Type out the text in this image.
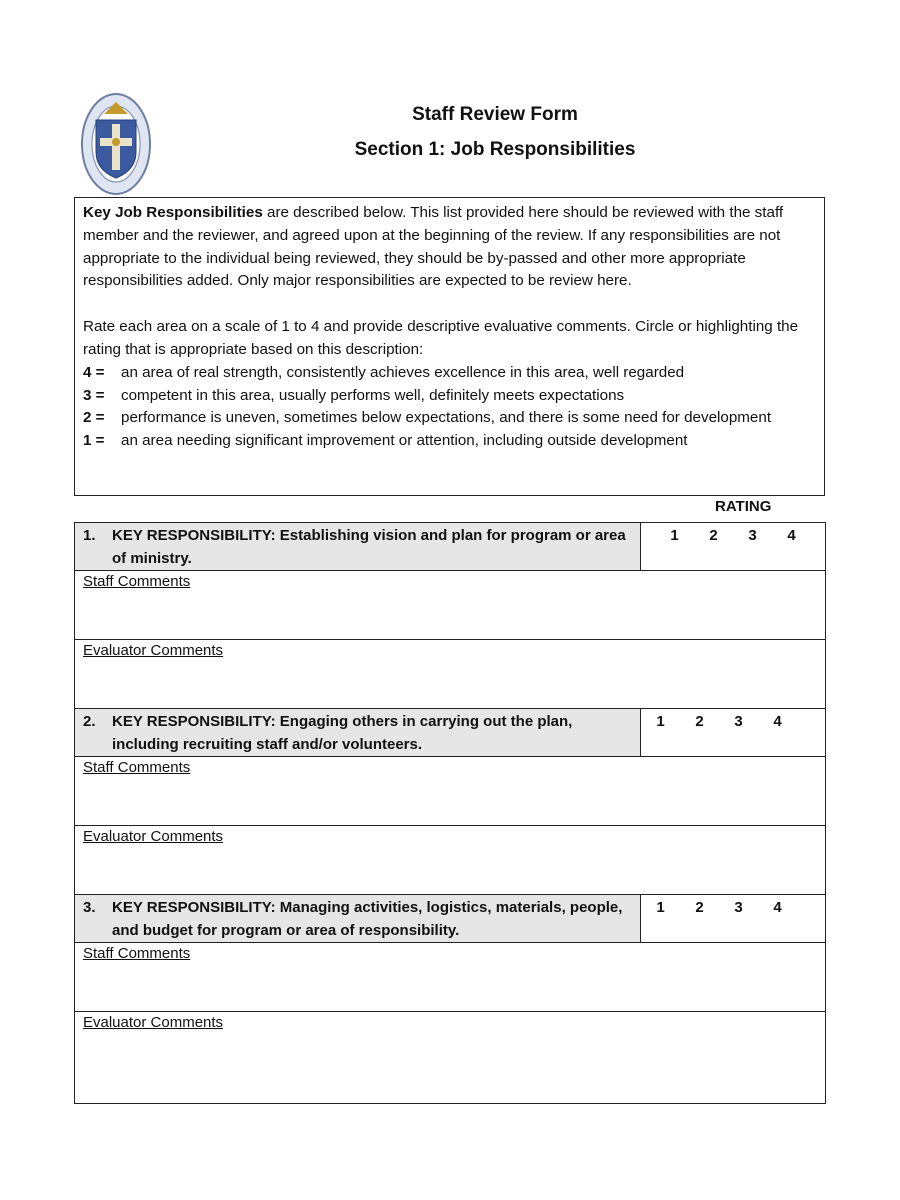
Staff Review Form
Section 1: Job Responsibilities

Key Job Responsibilities are described below. This list provided here should be reviewed with the staff member and the reviewer, and agreed upon at the beginning of the review. If any responsibilities are not appropriate to the individual being reviewed, they should be by-passed and other more appropriate responsibilities added. Only major responsibilities are expected to be review here.

Rate each area on a scale of 1 to 4 and provide descriptive evaluative comments. Circle or highlighting the rating that is appropriate based on this description:

4 =	an area of real strength, consistently achieves excellence in this area, well regarded
3 =	competent in this area, usually performs well, definitely meets expectations
2 =	performance is uneven, sometimes below expectations, and there is some need for development
1 =	an area needing significant improvement or attention, including outside development
RATING
1. KEY RESPONSIBILITY: Establishing vision and plan for program or area of ministry.	1 2 3 4

Staff Comments	
Evaluator Comments	

2. KEY RESPONSIBILITY: Engaging others in carrying out the plan, including recruiting staff and/or volunteers.	1 2 3 4

Staff Comments	
Evaluator Comments	

3. KEY RESPONSIBILITY: Managing activities, logistics, materials, people, and budget for program or area of responsibility.	1 2 3 4

Staff Comments	
Evaluator Comments	
